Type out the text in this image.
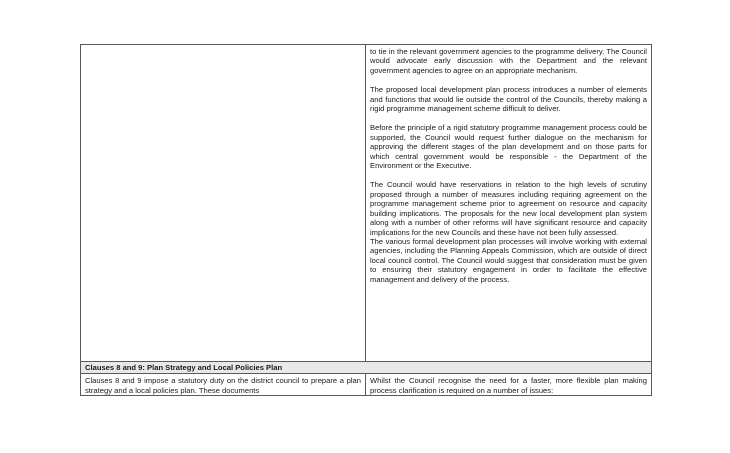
	to tie in the relevant government agencies to the programme delivery. The Council would advocate early discussion with the Department and the relevant government agencies to agree on an appropriate mechanism.

The proposed local development plan process introduces a number of elements and functions that would lie outside the control of the Councils, thereby making a rigid programme management scheme difficult to deliver.

Before the principle of a rigid statutory programme management process could be supported, the Council would request further dialogue on the mechanism for approving the different stages of the plan development and on those parts for which central government would be responsible - the Department of the Environment or the Executive.

The Council would have reservations in relation to the high levels of scrutiny proposed through a number of measures including requiring agreement on the programme management scheme prior to agreement on resource and capacity building implications. The proposals for the new local development plan system along with a number of other reforms will have significant resource and capacity implications for the new Councils and these have not been fully assessed.

The various formal development plan processes will involve working with external agencies, including the Planning Appeals Commission, which are outside of direct local council control. The Council would suggest that consideration must be given to ensuring their statutory engagement in order to facilitate the effective management and delivery of the process.

Clauses 8 and 9: Plan Strategy and Local Policies Plan	
Clauses 8 and 9 impose a statutory duty on the district council to prepare a plan strategy and a local policies plan. These documents	Whilst the Council recognise the need for a faster, more flexible plan making process clarification is required on a number of issues:
